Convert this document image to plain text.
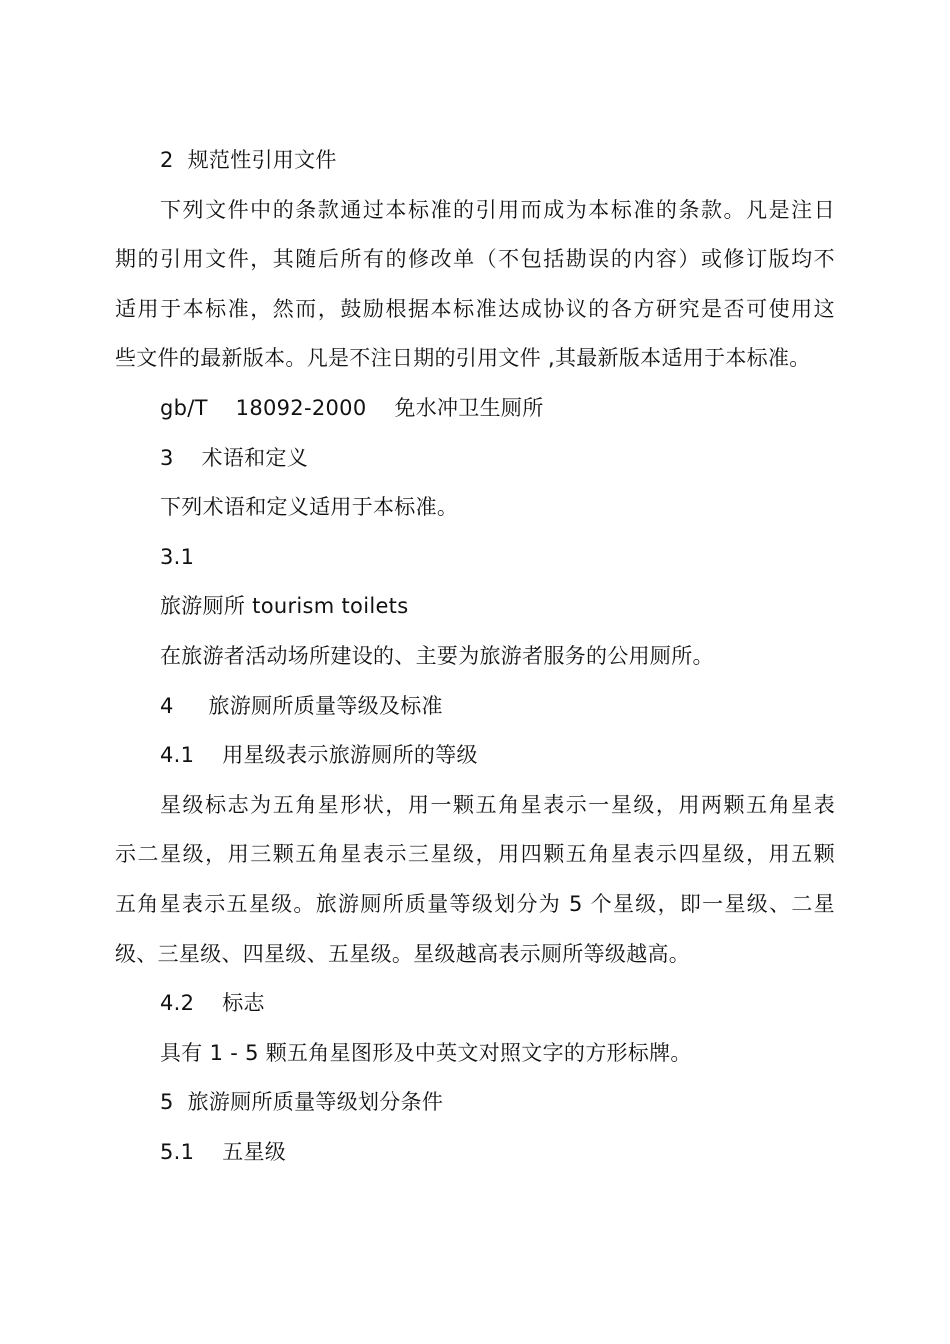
2  规范性引用文件
下列文件中的条款通过本标准的引用而成为本标准的条款。凡是注日
期的引用文件，其随后所有的修改单（不包括勘误的内容）或修订版均不
适用于本标准，然而，鼓励根据本标准达成协议的各方研究是否可使用这
些文件的最新版本。凡是不注日期的引用文件 ,其最新版本适用于本标准。
gb/T    18092-2000    免水冲卫生厕所
3    术语和定义
下列术语和定义适用于本标准。
3.1
旅游厕所 tourism toilets
在旅游者活动场所建设的、主要为旅游者服务的公用厕所。
4     旅游厕所质量等级及标准
4.1    用星级表示旅游厕所的等级
星级标志为五角星形状，用一颗五角星表示一星级，用两颗五角星表
示二星级，用三颗五角星表示三星级，用四颗五角星表示四星级，用五颗
五角星表示五星级。旅游厕所质量等级划分为 5 个星级，即一星级、二星
级、三星级、四星级、五星级。星级越高表示厕所等级越高。
4.2    标志
具有 1 - 5 颗五角星图形及中英文对照文字的方形标牌。
5  旅游厕所质量等级划分条件
5.1    五星级
